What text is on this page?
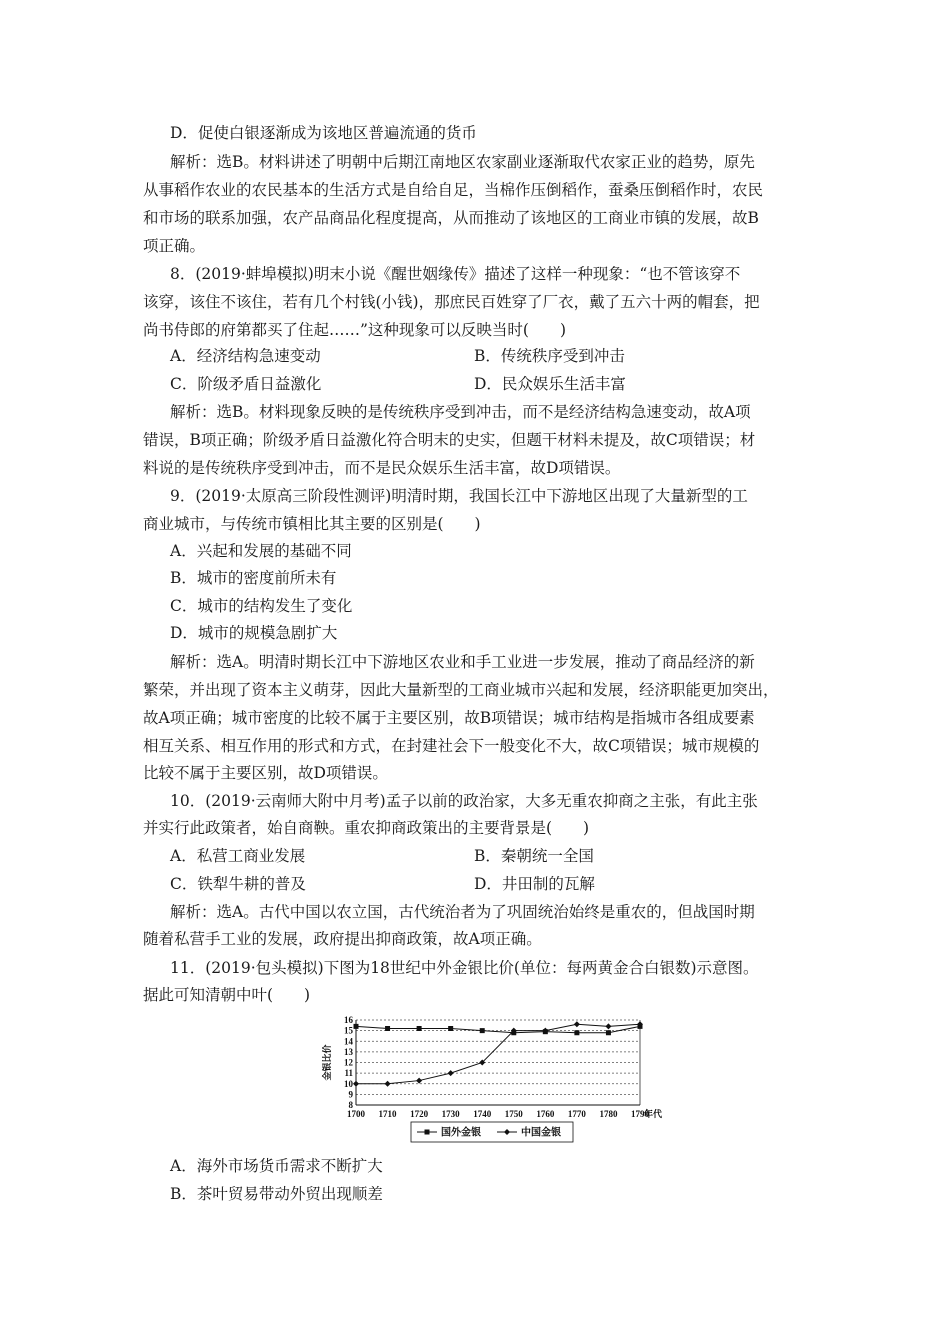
D．促使白银逐渐成为该地区普遍流通的货币
解析：选B。材料讲述了明朝中后期江南地区农家副业逐渐取代农家正业的趋势，原先
从事稻作农业的农民基本的生活方式是自给自足，当棉作压倒稻作，蚕桑压倒稻作时，农民
和市场的联系加强，农产品商品化程度提高，从而推动了该地区的工商业市镇的发展，故B
项正确。
8．(2019·蚌埠模拟)明末小说《醒世姻缘传》描述了这样一种现象：“也不管该穿不
该穿，该住不该住，若有几个村钱(小钱)，那庶民百姓穿了厂衣，戴了五六十两的帽套，把
尚书侍郎的府第都买了住起……”这种现象可以反映当时(　　)
A．经济结构急速变动	B．传统秩序受到冲击
C．阶级矛盾日益激化	D．民众娱乐生活丰富
解析：选B。材料现象反映的是传统秩序受到冲击，而不是经济结构急速变动，故A项
错误，B项正确；阶级矛盾日益激化符合明末的史实，但题干材料未提及，故C项错误；材
料说的是传统秩序受到冲击，而不是民众娱乐生活丰富，故D项错误。
9．(2019·太原高三阶段性测评)明清时期，我国长江中下游地区出现了大量新型的工
商业城市，与传统市镇相比其主要的区别是(　　)
A．兴起和发展的基础不同
B．城市的密度前所未有
C．城市的结构发生了变化
D．城市的规模急剧扩大
解析：选A。明清时期长江中下游地区农业和手工业进一步发展，推动了商品经济的新
繁荣，并出现了资本主义萌芽，因此大量新型的工商业城市兴起和发展，经济职能更加突出，
故A项正确；城市密度的比较不属于主要区别，故B项错误；城市结构是指城市各组成要素
相互关系、相互作用的形式和方式，在封建社会下一般变化不大，故C项错误；城市规模的
比较不属于主要区别，故D项错误。
10．(2019·云南师大附中月考)孟子以前的政治家，大多无重农抑商之主张，有此主张
并实行此政策者，始自商鞅。重农抑商政策出的主要背景是(　　)
A．私营工商业发展	B．秦朝统一全国
C．铁犁牛耕的普及	D．井田制的瓦解
解析：选A。古代中国以农立国，古代统治者为了巩固统治始终是重农的，但战国时期
随着私营手工业的发展，政府提出抑商政策，故A项正确。
11．(2019·包头模拟)下图为18世纪中外金银比价(单位：每两黄金合白银数)示意图。
据此可知清朝中叶(　　)
8
9
10
11
12
13
14
15
16
1700 1710 1720 1730 1740 1750 1760 1770 1780 1790
年代
金银比价
国外金银	中国金银
A．海外市场货币需求不断扩大
B．茶叶贸易带动外贸出现顺差
